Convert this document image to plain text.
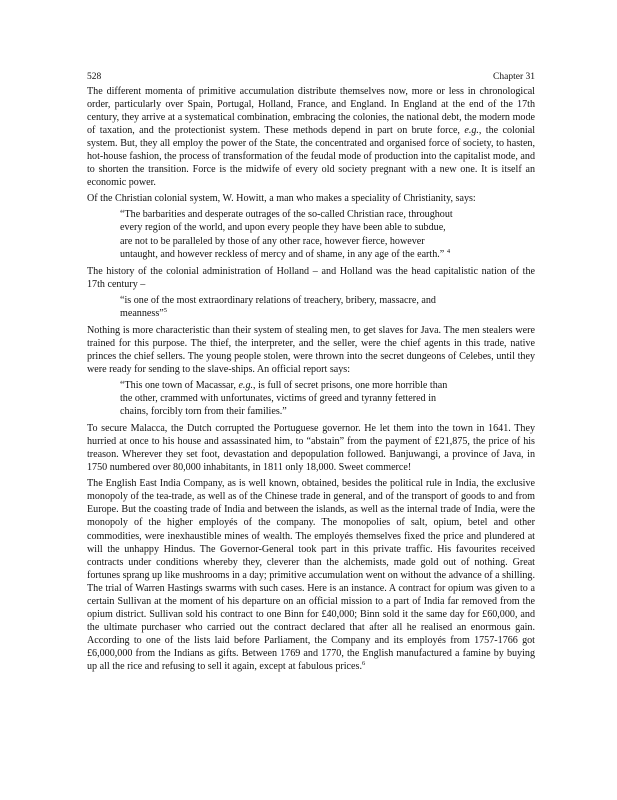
528	Chapter 31

The different momenta of primitive accumulation distribute themselves now, more or less in chronological order, particularly over Spain, Portugal, Holland, France, and England. In England at the end of the 17th century, they arrive at a systematical combination, embracing the colonies, the national debt, the modern mode of taxation, and the protectionist system. These methods depend in part on brute force, e.g., the colonial system. But, they all employ the power of the State, the concentrated and organised force of society, to hasten, hot-house fashion, the process of transformation of the feudal mode of production into the capitalist mode, and to shorten the transition. Force is the midwife of every old society pregnant with a new one. It is itself an economic power.

Of the Christian colonial system, W. Howitt, a man who makes a speciality of Christianity, says:

“The barbarities and desperate outrages of the so-called Christian race, throughout
every region of the world, and upon every people they have been able to subdue,
are not to be paralleled by those of any other race, however fierce, however
untaught, and however reckless of mercy and of shame, in any age of the earth.” $^4$

The history of the colonial administration of Holland – and Holland was the head capitalistic nation of the 17th century –

“is one of the most extraordinary relations of treachery, bribery, massacre, and
meanness”$^5$

Nothing is more characteristic than their system of stealing men, to get slaves for Java. The men stealers were trained for this purpose. The thief, the interpreter, and the seller, were the chief agents in this trade, native princes the chief sellers. The young people stolen, were thrown into the secret dungeons of Celebes, until they were ready for sending to the slave-ships. An official report says:

“This one town of Macassar, e.g., is full of secret prisons, one more horrible than
the other, crammed with unfortunates, victims of greed and tyranny fettered in
chains, forcibly torn from their families.”

To secure Malacca, the Dutch corrupted the Portuguese governor. He let them into the town in 1641. They hurried at once to his house and assassinated him, to “abstain” from the payment of £21,875, the price of his treason. Wherever they set foot, devastation and depopulation followed. Banjuwangi, a province of Java, in 1750 numbered over 80,000 inhabitants, in 1811 only 18,000. Sweet commerce!

The English East India Company, as is well known, obtained, besides the political rule in India, the exclusive monopoly of the tea-trade, as well as of the Chinese trade in general, and of the transport of goods to and from Europe. But the coasting trade of India and between the islands, as well as the internal trade of India, were the monopoly of the higher employés of the company. The monopolies of salt, opium, betel and other commodities, were inexhaustible mines of wealth. The employés themselves fixed the price and plundered at will the unhappy Hindus. The Governor-General took part in this private traffic. His favourites received contracts under conditions whereby they, cleverer than the alchemists, made gold out of nothing. Great fortunes sprang up like mushrooms in a day; primitive accumulation went on without the advance of a shilling. The trial of Warren Hastings swarms with such cases. Here is an instance. A contract for opium was given to a certain Sullivan at the moment of his departure on an official mission to a part of India far removed from the opium district. Sullivan sold his contract to one Binn for £40,000; Binn sold it the same day for £60,000, and the ultimate purchaser who carried out the contract declared that after all he realised an enormous gain. According to one of the lists laid before Parliament, the Company and its employés from 1757-1766 got £6,000,000 from the Indians as gifts. Between 1769 and 1770, the English manufactured a famine by buying up all the rice and refusing to sell it again, except at fabulous prices.$^6$
